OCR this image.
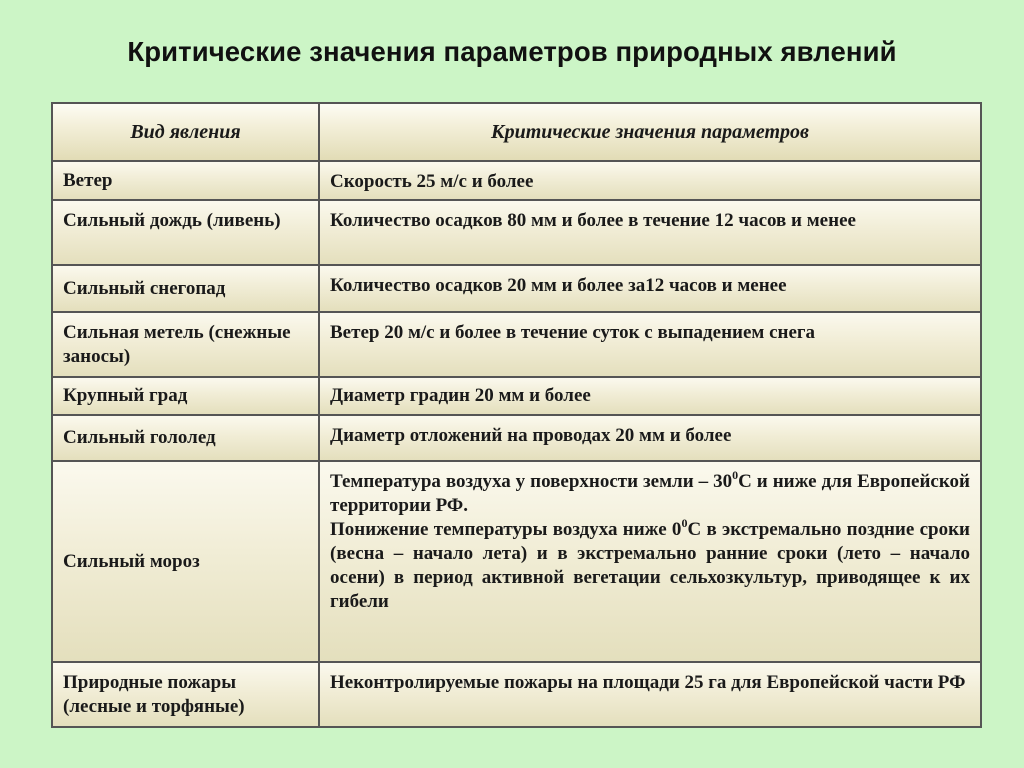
Критические значения параметров природных явлений
Вид явления	Критические значения параметров
Ветер	Скорость 25 м/с и более
Сильный дождь (ливень)	Количество осадков 80 мм и более в течение 12 часов и менее
Сильный снегопад	Количество осадков 20 мм и более за12 часов и менее
Сильная метель (снежные заносы)	Ветер 20 м/с и более в течение суток с выпадением снега
Крупный град	Диаметр градин 20 мм и более
Сильный гололед	Диаметр отложений на проводах 20 мм и более
Сильный мороз	Температура воздуха у поверхности земли – $30^0С$ и ниже для Европейской территории РФ.
Понижение температуры воздуха ниже $0^0С$ в экстремально поздние сроки (весна – начало лета) и в экстремально ранние сроки (лето – начало осени) в период активной вегетации сельхозкультур, приводящее к их гибели
Природные пожары (лесные и торфяные)	Неконтролируемые пожары на площади 25 га для Европейской части РФ
